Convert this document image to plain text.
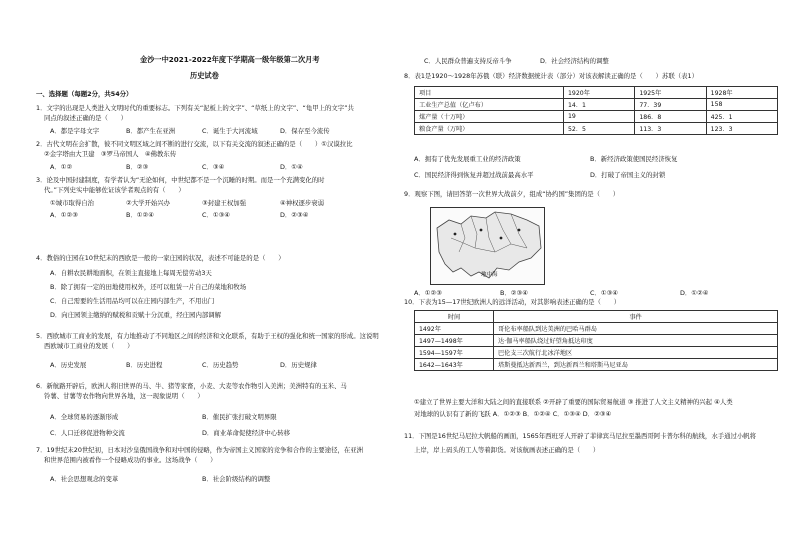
金沙一中2021-2022年度下学期高一级年级第二次月考
历史试卷
一、选择题（每题2分，共54分）
1．文字的出现是人类进入文明时代的重要标志。下列有关“泥板上的文字”、“草纸上的文字”、“龟甲上的文字”共
同点的叙述正确的是（　　）
A．都是字母文字	B．都产生在亚洲	C．诞生于大河流域	D．保存至今流传
2．古代文明在会扩散，彼不同文明区域之间不断的进行交流，以下有关交流的叙述正确的是（　　）①汉谟拉比
②金字塔由大卫建　③罗马帝国人　④佛教东传
A．①②	B．②③	C．③④	D．①④
3．论及中国封建制度，有学者认为“无论如何，中世纪都不是一个沉睡的时期。而是一个充满变化的时
代。”下列史实中能够佐证该学者观点的有（　　）
①城市取得自治	②大学开始兴办	③封建王权加强	④神权逐步衰弱
A．①②③	B．①②④	C．①③④	D．②③④
4．教俗的庄园在10世纪末的西欧是一般的一家庄园的状况，表述不可能是的是（　　）
A．自耕农民耕地面积，在领主直接地上每周无偿劳动3天
B．除了拥有一定的田地使用权外，还可以租赁一片自己的菜地和牧场
C．自己需要的生活用品均可以在庄园内部生产，不用出门
D．向庄园领主缴纳的赋税和贡赋十分沉重，经庄园内部调解
5．西欧城市工商业的发展，有力地推动了不同地区之间的经济和文化联系，有助于王权的强化和统一国家的形成。这说明
西欧城市工商业的发展（　　）
A．历史发展	B．历史进程	C．历史趋势	D．历史规律
6．新航路开辟后，欧洲人将旧世界的马、牛、猪等家畜，小麦、大麦等农作物引入美洲；美洲特有的玉米、马
铃薯、甘薯等农作物向世界各地，这一现象说明（　　）
A．全球贸易的逐渐形成	B．催民扩张打破文明界限
C．人口迁移促进物种交流	D．商业革命促使经济中心转移
7．19世纪末20世纪初，日本对沙皇俄国战争和对中国的侵略，作为帝国主义国家的竞争和合作的主要途径，在亚洲
和世界范围内被看作一个侵略成功的事业。这场战争（　　）
A．社会思想观念的变革	B．社会阶级结构的调整
C．人民群众普遍支持反帝斗争	D．社会经济结构的调整
8．表1是1920～1928年苏俄（联）经济数据统计表（部分）对该表解读正确的是（　　）苏联（表1）
项目	1920年	1925年	1928年
工业生产总值（亿卢布）	14．1	77．39	158
煤产量（十万吨）	19	186．8	425．1
粮食产量（万吨）	52．5	113．3	123．3
A．拥有了优先发展重工业的经济政策	B．新经济政策使国民经济恢复
C．国民经济得到恢复并超过战前最高水平	D．打破了帝国主义的封锁
9．观察下图，请回答第一次世界大战前夕，组成“协约国”集团的是（　　）
地中海
A．①②③	B．②③④	C．①③④	D．①②④
10．下表为15—17世纪欧洲人的远洋活动，对其影响表述正确的是（　　）
时间	事件
1492年	哥伦布率船队到达美洲的巴哈马群岛
1497—1498年	达·伽马率船队绕过好望角抵达印度
1594—1597年	巴伦支三次航行北冰洋地区
1642—1643年	塔斯曼抵达新西兰，到达新西兰和塔斯马尼亚岛
①建立了世界主要大洋和大陆之间的直接联系 ②开辟了重要的国际贸易航道 ③ 推进了人文主义精神的兴起 ④人类
对地球的认识有了新的飞跃 A．①②③ B．①②④ C．①③④ D．②③④
11．下图是16世纪马尼拉大帆船的画面，1565年西班牙人开辟了菲律宾马尼拉至墨西哥阿卡普尔科的航线，水手通过小帆将
上岸，岸上码头的工人等着卸货。对该航画表述正确的是（　　）
